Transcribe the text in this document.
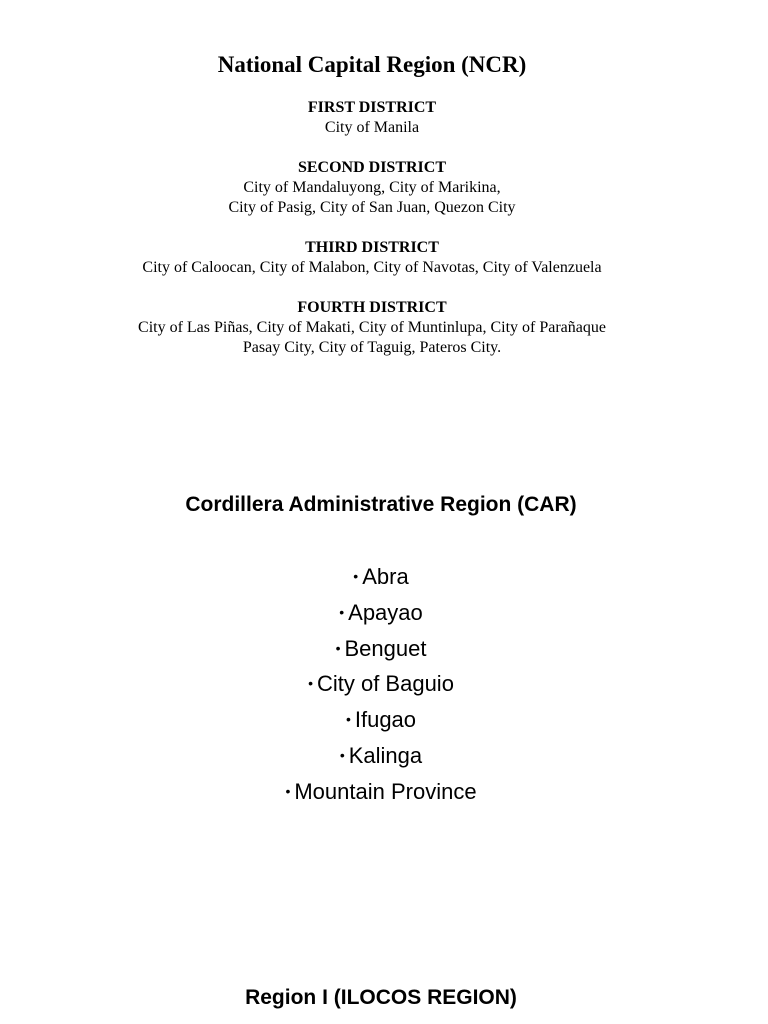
National Capital Region (NCR)
FIRST DISTRICT
City of Manila
SECOND DISTRICT
City of Mandaluyong, City of Marikina,
City of Pasig, City of San Juan, Quezon City
THIRD DISTRICT
City of Caloocan, City of Malabon, City of Navotas, City of Valenzuela
FOURTH DISTRICT
City of Las Piñas, City of Makati, City of Muntinlupa, City of Parañaque
Pasay City, City of Taguig, Pateros City.
Cordillera Administrative Region (CAR)
• Abra
• Apayao
• Benguet
• City of Baguio
• Ifugao
• Kalinga
• Mountain Province
Region I (ILOCOS REGION)
